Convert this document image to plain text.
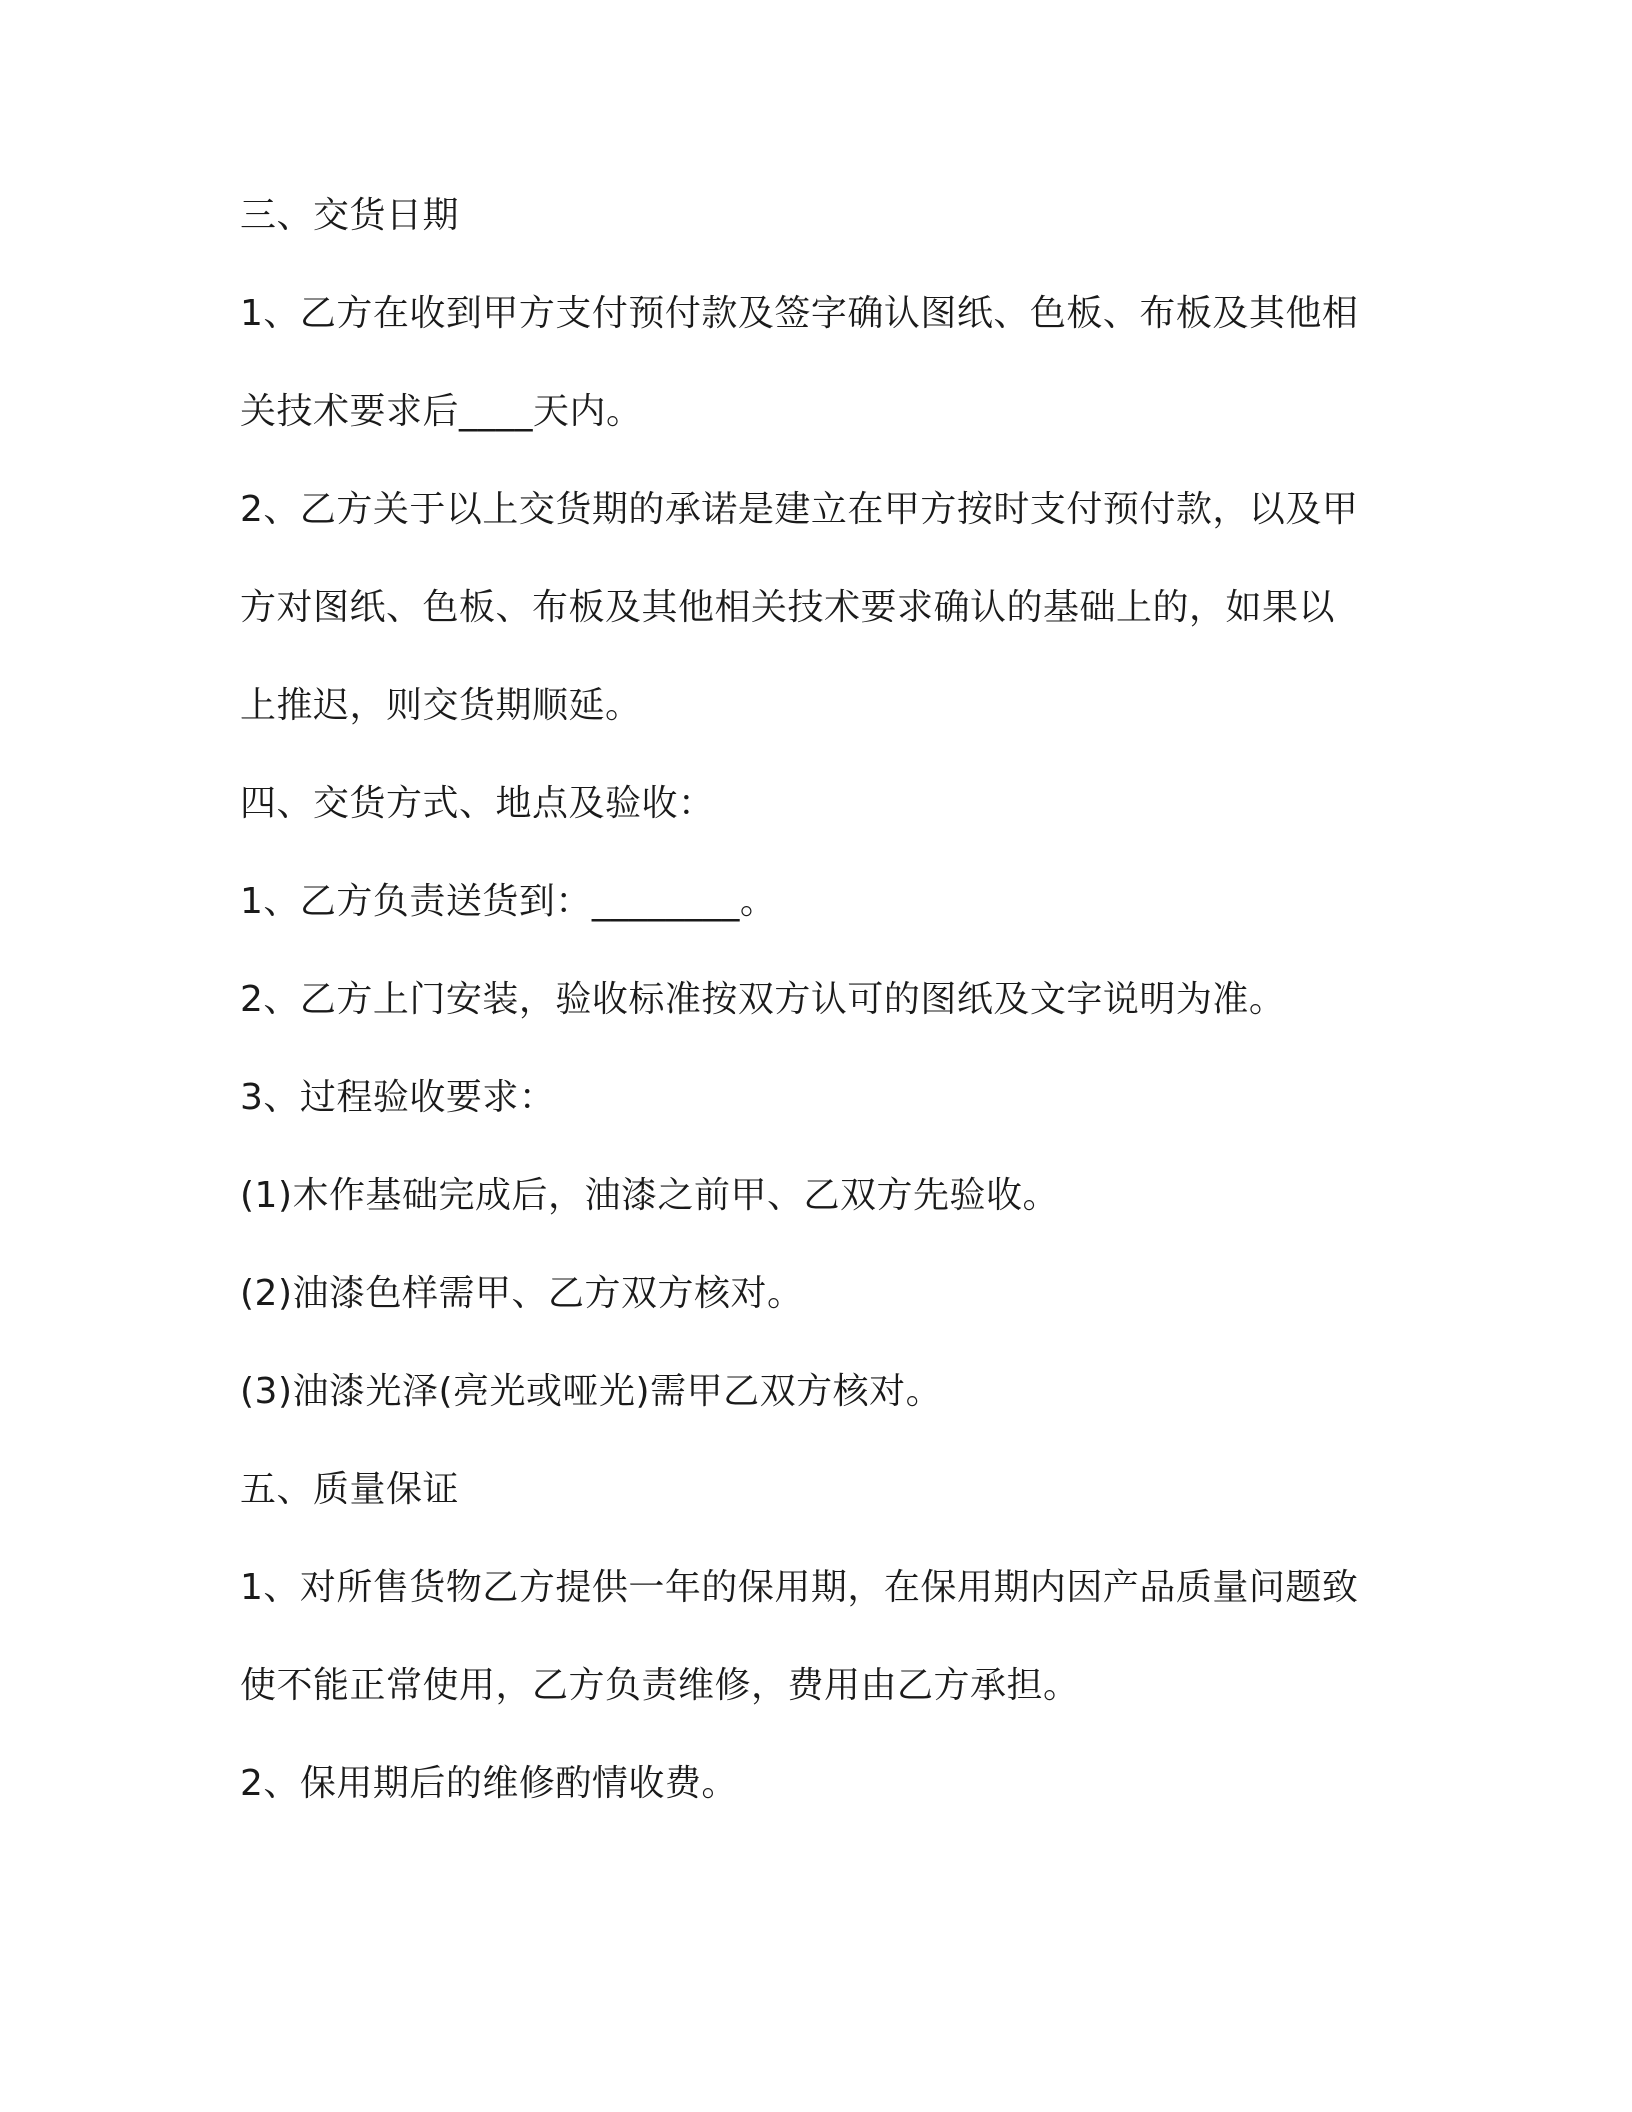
三、交货日期
1、乙方在收到甲方支付预付款及签字确认图纸、色板、布板及其他相
关技术要求后____天内。
2、乙方关于以上交货期的承诺是建立在甲方按时支付预付款，以及甲
方对图纸、色板、布板及其他相关技术要求确认的基础上的，如果以
上推迟，则交货期顺延。
四、交货方式、地点及验收：
1、乙方负责送货到：________。
2、乙方上门安装，验收标准按双方认可的图纸及文字说明为准。
3、过程验收要求：
(1)木作基础完成后，油漆之前甲、乙双方先验收。
(2)油漆色样需甲、乙方双方核对。
(3)油漆光泽(亮光或哑光)需甲乙双方核对。
五、质量保证
1、对所售货物乙方提供一年的保用期，在保用期内因产品质量问题致
使不能正常使用，乙方负责维修，费用由乙方承担。
2、保用期后的维修酌情收费。
